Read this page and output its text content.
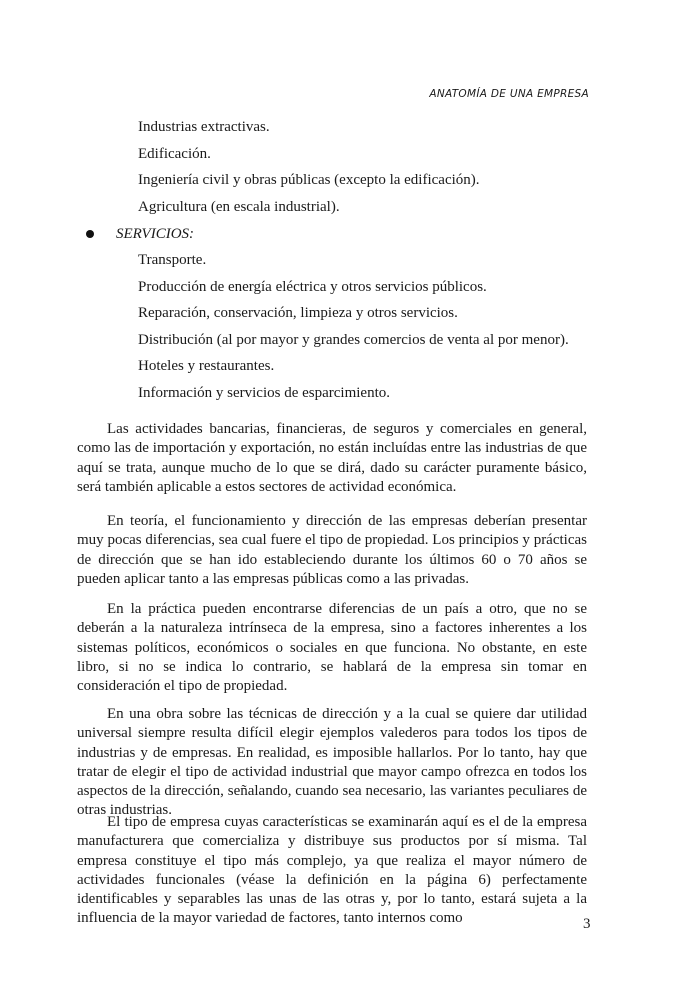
ANATOMÍA DE UNA EMPRESA
Industrias extractivas.
Edificación.
Ingeniería civil y obras públicas (excepto la edificación).
Agricultura (en escala industrial).
SERVICIOS:
Transporte.
Producción de energía eléctrica y otros servicios públicos.
Reparación, conservación, limpieza y otros servicios.
Distribución (al por mayor y grandes comercios de venta al por menor).
Hoteles y restaurantes.
Información y servicios de esparcimiento.

Las actividades bancarias, financieras, de seguros y comerciales en general, como las de importación y exportación, no están incluídas entre las industrias de que aquí se trata, aunque mucho de lo que se dirá, dado su carácter puramente básico, será también aplicable a estos sectores de actividad económica.

En teoría, el funcionamiento y dirección de las empresas deberían presentar muy pocas diferencias, sea cual fuere el tipo de propiedad. Los principios y prácticas de dirección que se han ido estableciendo durante los últimos 60 o 70 años se pueden aplicar tanto a las empresas públicas como a las privadas.

En la práctica pueden encontrarse diferencias de un país a otro, que no se deberán a la naturaleza intrínseca de la empresa, sino a factores inherentes a los sistemas políticos, económicos o sociales en que funciona. No obstante, en este libro, si no se indica lo contrario, se hablará de la empresa sin tomar en consideración el tipo de propiedad.

En una obra sobre las técnicas de dirección y a la cual se quiere dar utilidad universal siempre resulta difícil elegir ejemplos valederos para todos los tipos de industrias y de empresas. En realidad, es imposible hallarlos. Por lo tanto, hay que tratar de elegir el tipo de actividad industrial que mayor campo ofrezca en todos los aspectos de la dirección, señalando, cuando sea necesario, las variantes peculiares de otras industrias.

El tipo de empresa cuyas características se examinarán aquí es el de la empresa manufacturera que comercializa y distribuye sus productos por sí misma. Tal empresa constituye el tipo más complejo, ya que realiza el mayor número de actividades funcionales (véase la definición en la página 6) perfectamente identificables y separables las unas de las otras y, por lo tanto, estará sujeta a la influencia de la mayor variedad de factores, tanto internos como	3
